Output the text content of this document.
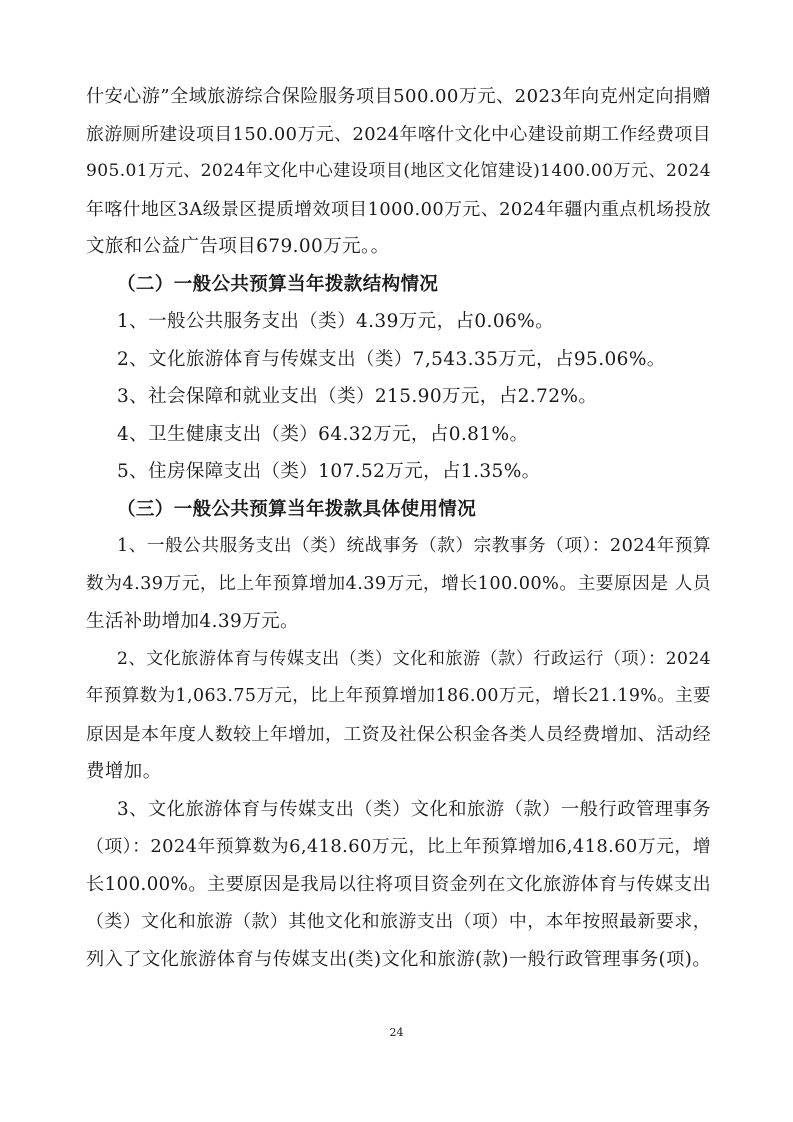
什安心游”全域旅游综合保险服务项目500.00万元、2023年向克州定向捐赠
旅游厕所建设项目150.00万元、2024年喀什文化中心建设前期工作经费项目
905.01万元、2024年文化中心建设项目(地区文化馆建设)1400.00万元、2024
年喀什地区3A级景区提质增效项目1000.00万元、2024年疆内重点机场投放
文旅和公益广告项目679.00万元。。
（二）一般公共预算当年拨款结构情况
1、一般公共服务支出（类）4.39万元，占0.06%。
2、文化旅游体育与传媒支出（类）7,543.35万元，占95.06%。
3、社会保障和就业支出（类）215.90万元，占2.72%。
4、卫生健康支出（类）64.32万元，占0.81%。
5、住房保障支出（类）107.52万元，占1.35%。
（三）一般公共预算当年拨款具体使用情况
1、一般公共服务支出（类）统战事务（款）宗教事务（项）：2024年预算
数为4.39万元，比上年预算增加4.39万元，增长100.00%。主要原因是 人员
生活补助增加4.39万元。
2、文化旅游体育与传媒支出（类）文化和旅游（款）行政运行（项）：2024
年预算数为1,063.75万元，比上年预算增加186.00万元，增长21.19%。主要
原因是本年度人数较上年增加，工资及社保公积金各类人员经费增加、活动经
费增加。
3、文化旅游体育与传媒支出（类）文化和旅游（款）一般行政管理事务
（项）：2024年预算数为6,418.60万元，比上年预算增加6,418.60万元，增
长100.00%。主要原因是我局以往将项目资金列在文化旅游体育与传媒支出
（类）文化和旅游（款）其他文化和旅游支出（项）中，本年按照最新要求，
列入了文化旅游体育与传媒支出(类)文化和旅游(款)一般行政管理事务(项)。
24
